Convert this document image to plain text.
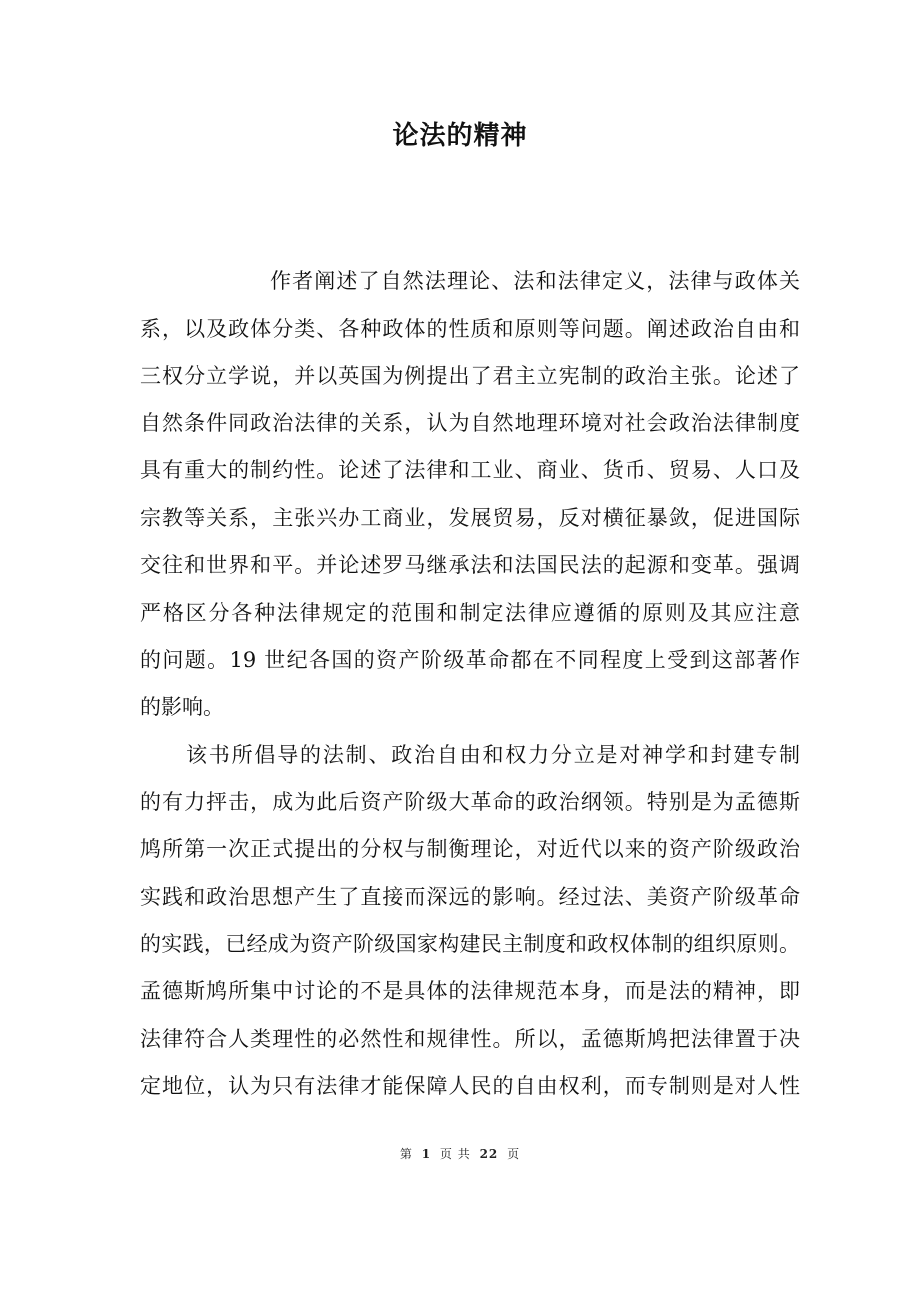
论法的精神
作者阐述了自然法理论、法和法律定义，法律与政体关
系，以及政体分类、各种政体的性质和原则等问题。阐述政治自由和
三权分立学说，并以英国为例提出了君主立宪制的政治主张。论述了
自然条件同政治法律的关系，认为自然地理环境对社会政治法律制度
具有重大的制约性。论述了法律和工业、商业、货币、贸易、人口及
宗教等关系，主张兴办工商业，发展贸易，反对横征暴敛，促进国际
交往和世界和平。并论述罗马继承法和法国民法的起源和变革。强调
严格区分各种法律规定的范围和制定法律应遵循的原则及其应注意
的问题。19 世纪各国的资产阶级革命都在不同程度上受到这部著作
的影响。
该书所倡导的法制、政治自由和权力分立是对神学和封建专制
的有力抨击，成为此后资产阶级大革命的政治纲领。特别是为孟德斯
鸠所第一次正式提出的分权与制衡理论，对近代以来的资产阶级政治
实践和政治思想产生了直接而深远的影响。经过法、美资产阶级革命
的实践，已经成为资产阶级国家构建民主制度和政权体制的组织原则。
孟德斯鸠所集中讨论的不是具体的法律规范本身，而是法的精神，即
法律符合人类理性的必然性和规律性。所以，孟德斯鸠把法律置于决
定地位，认为只有法律才能保障人民的自由权利，而专制则是对人性
第 1 页 共 22 页
